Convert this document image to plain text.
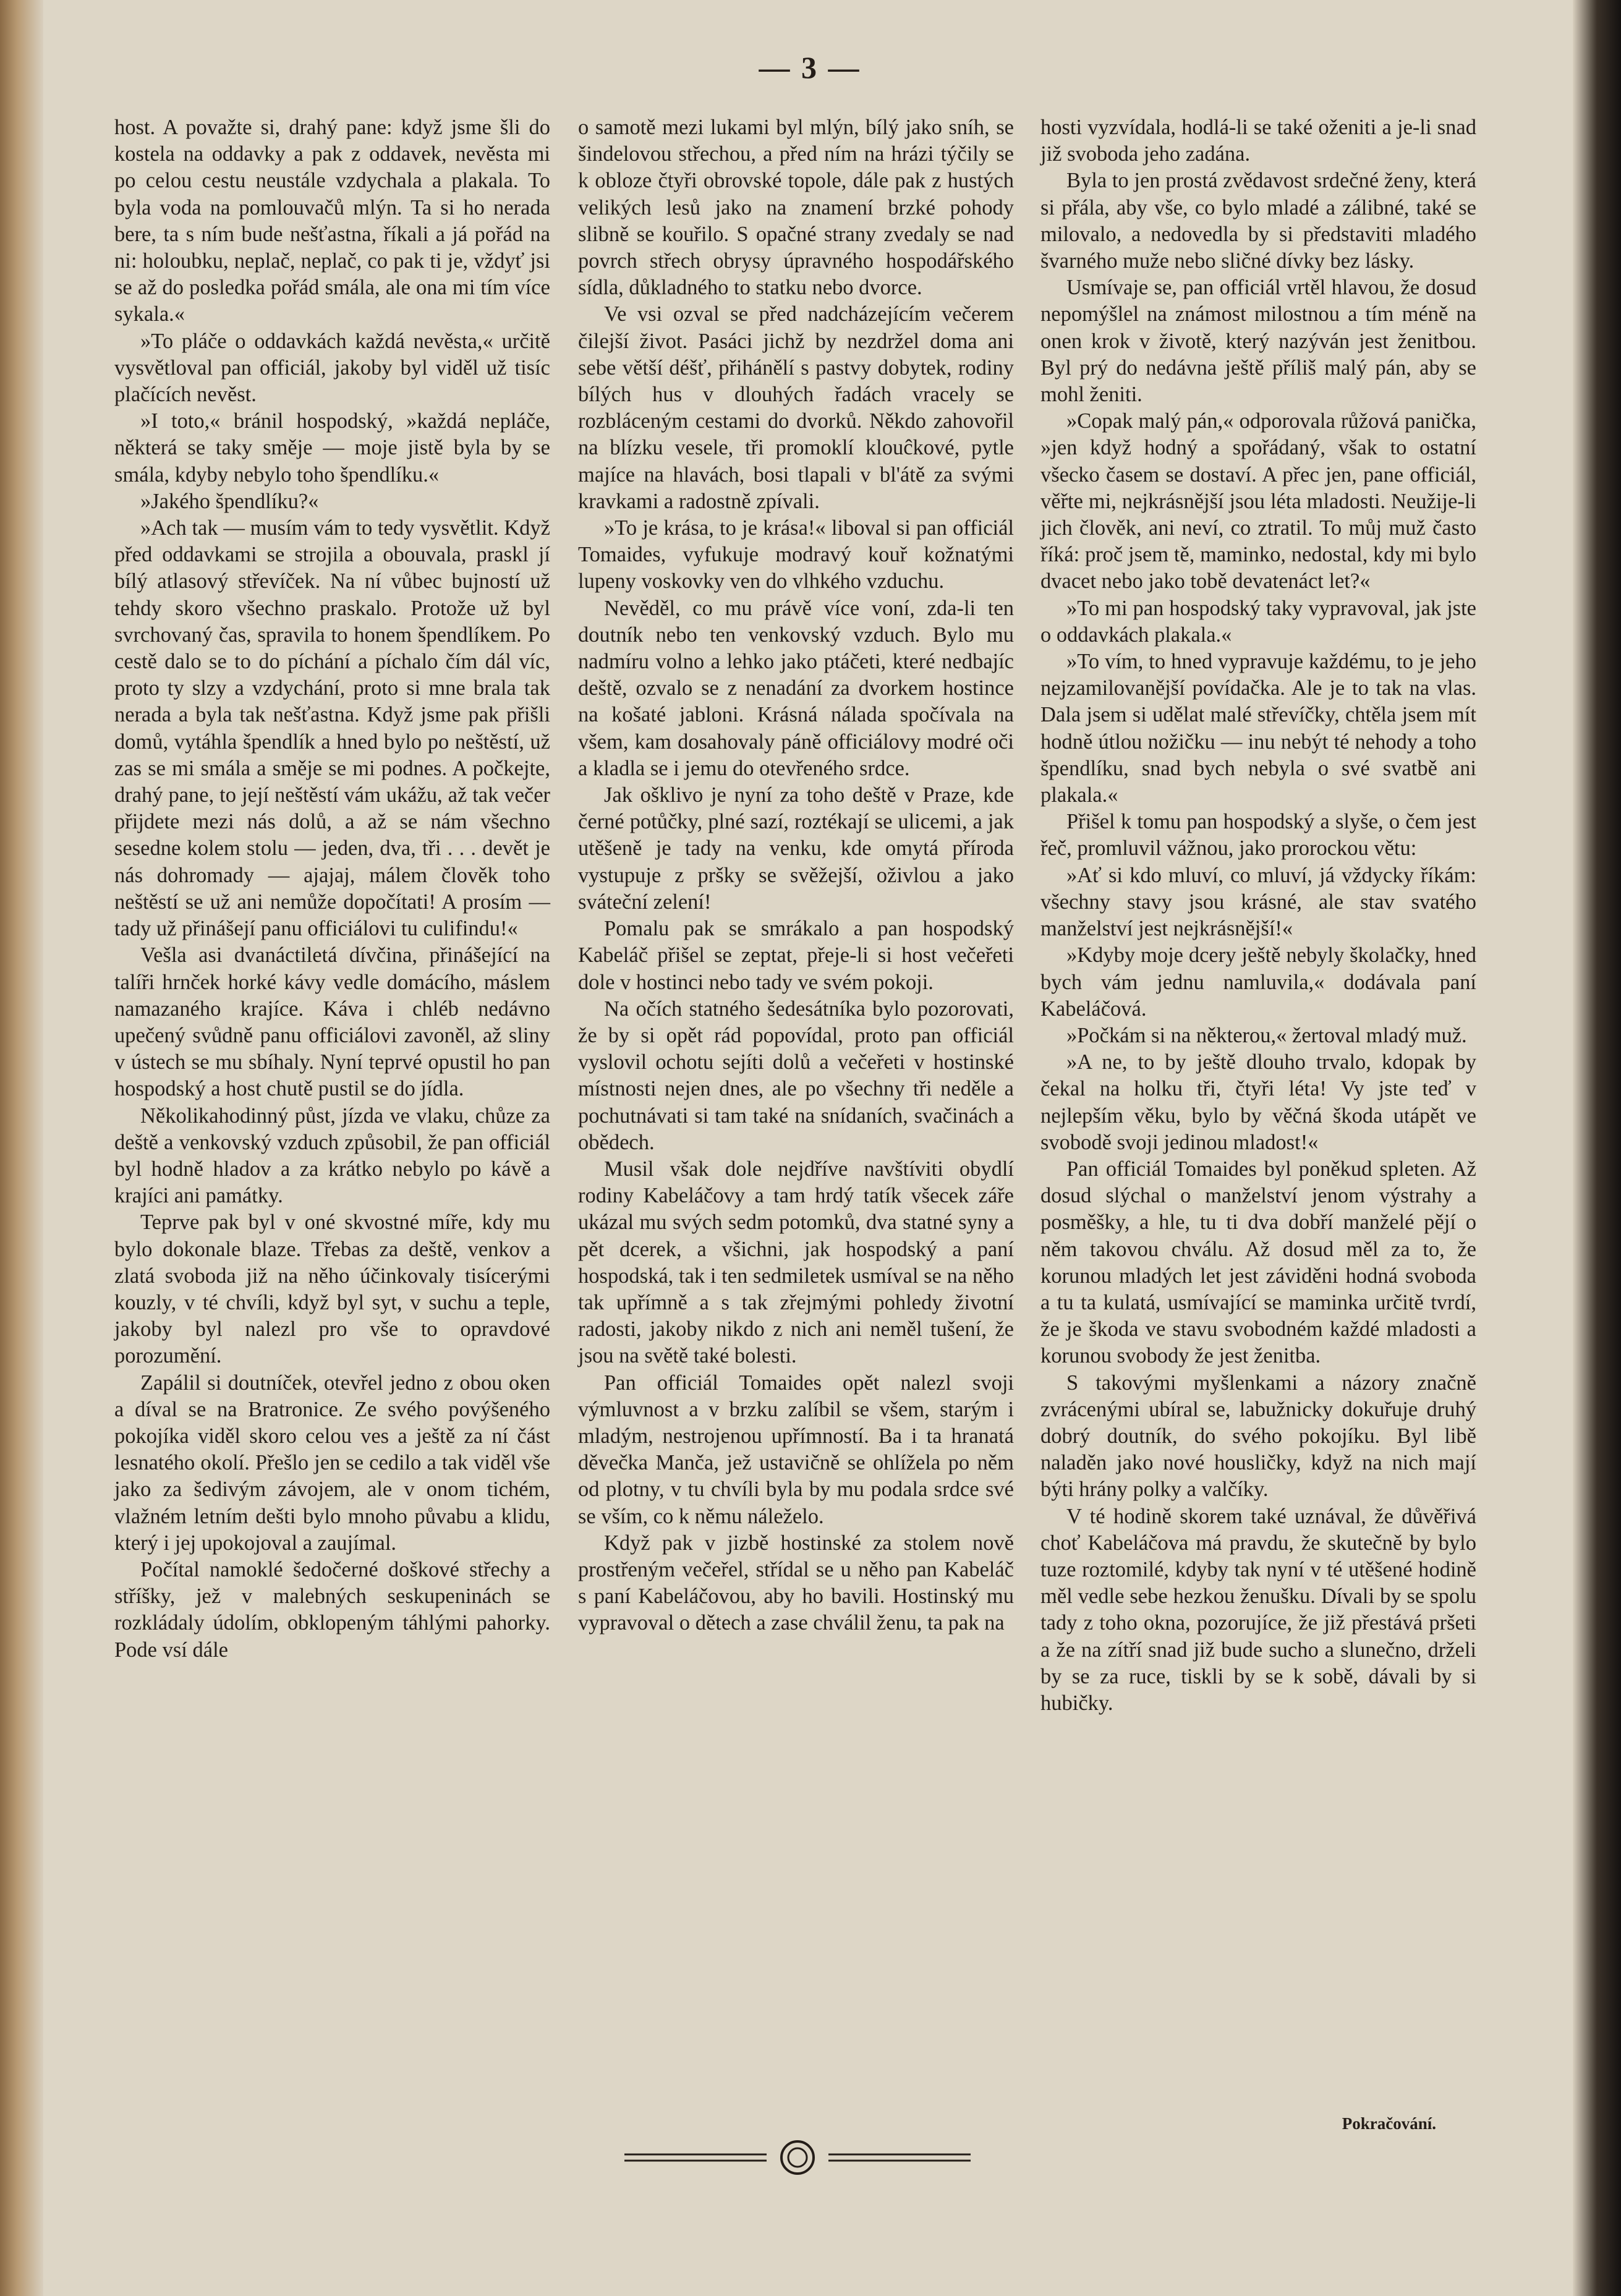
— 3 —

host. A považte si, drahý pane: když jsme šli do kostela na oddavky a pak z oddavek, nevěsta mi po celou cestu neustále vzdychala a plakala. To byla voda na pomlouvačů mlýn. Ta si ho nerada bere, ta s ním bude nešťastna, říkali a já pořád na ni: holoubku, neplač, neplač, co pak ti je, vždyť jsi se až do posledka pořád smála, ale ona mi tím více sykala.«

»To pláče o oddavkách každá nevěsta,« určitě vysvětloval pan officiál, jakoby byl viděl už tisíc plačících nevěst.

»I toto,« bránil hospodský, »každá nepláče, některá se taky směje — moje jistě byla by se smála, kdyby nebylo toho špendlíku.«

»Jakého špendlíku?«

»Ach tak — musím vám to tedy vysvětlit. Když před oddavkami se strojila a obouvala, praskl jí bílý atlasový střevíček. Na ní vůbec bujností už tehdy skoro všechno praskalo. Protože už byl svrchovaný čas, spravila to honem špendlíkem. Po cestě dalo se to do píchání a píchalo čím dál víc, proto ty slzy a vzdychání, proto si mne brala tak nerada a byla tak nešťastna. Když jsme pak přišli domů, vytáhla špendlík a hned bylo po neštěstí, už zas se mi smála a směje se mi podnes. A počkejte, drahý pane, to její neštěstí vám ukážu, až tak večer přijdete mezi nás dolů, a až se nám všechno sesedne kolem stolu — jeden, dva, tři . . . devět je nás dohromady — ajajaj, málem člověk toho neštěstí se už ani nemůže dopočítati! A prosím — tady už přinášejí panu officiálovi tu culifindu!«

Vešla asi dvanáctiletá dívčina, přinášející na talíři hrnček horké kávy vedle domácího, máslem namazaného krajíce. Káva i chléb nedávno upečený svůdně panu officiálovi zavoněl, až sliny v ústech se mu sbíhaly. Nyní teprvé opustil ho pan hospodský a host chutě pustil se do jídla.

Několikahodinný půst, jízda ve vlaku, chůze za deště a venkovský vzduch způsobil, že pan officiál byl hodně hladov a za krátko nebylo po kávě a krajíci ani památky.

Teprve pak byl v oné skvostné míře, kdy mu bylo dokonale blaze. Třebas za deště, venkov a zlatá svoboda již na něho účinkovaly tisícerými kouzly, v té chvíli, když byl syt, v suchu a teple, jakoby byl nalezl pro vše to opravdové porozumění.

Zapálil si doutníček, otevřel jedno z obou oken a díval se na Bratronice. Ze svého povýšeného pokojíka viděl skoro celou ves a ještě za ní část lesnatého okolí. Přešlo jen se cedilo a tak viděl vše jako za šedivým závojem, ale v onom tichém, vlažném letním dešti bylo mnoho půvabu a klidu, který i jej upokojoval a zaujímal.

Počítal namoklé šedočerné doškové střechy a stříšky, jež v malebných seskupeninách se rozkládaly údolím, obklopeným táhlými pahorky. Pode vsí dále

o samotě mezi lukami byl mlýn, bílý jako sníh, se šindelovou střechou, a před ním na hrázi týčily se k obloze čtyři obrovské topole, dále pak z hustých velikých lesů jako na znamení brzké pohody slibně se kouřilo. S opačné strany zvedaly se nad povrch střech obrysy úpravného hospodářského sídla, důkladného to statku nebo dvorce.

Ve vsi ozval se před nadcházejícím večerem čilejší život. Pasáci jichž by nezdržel doma ani sebe větší déšť, přihánělí s pastvy dobytek, rodiny bílých hus v dlouhých řadách vracely se rozbláceným cestami do dvorků. Někdo zahovořil na blízku vesele, tři promoklí klouĉkové, pytle majíce na hlavách, bosi tlapali v bl'átě za svými kravkami a radostně zpívali.

»To je krása, to je krása!« liboval si pan officiál Tomaides, vyfukuje modravý kouř kožnatými lupeny voskovky ven do vlhkého vzduchu.

Nevěděl, co mu právě více voní, zda-li ten doutník nebo ten venkovský vzduch. Bylo mu nadmíru volno a lehko jako ptáčeti, které nedbajíc deště, ozvalo se z nenadání za dvorkem hostince na košaté jabloni. Krásná nálada spočívala na všem, kam dosahovaly páně officiálovy modré oči a kladla se i jemu do otevřeného srdce.

Jak ošklivo je nyní za toho deště v Praze, kde černé potůčky, plné sazí, roztékají se ulicemi, a jak utěšeně je tady na venku, kde omytá příroda vystupuje z pršky se svěžejší, oživlou a jako sváteční zelení!

Pomalu pak se smrákalo a pan hospodský Kabeláč přišel se zeptat, přeje-li si host večeřeti dole v hostinci nebo tady ve svém pokoji.

Na očích statného šedesátníka bylo pozorovati, že by si opět rád popovídal, proto pan officiál vyslovil ochotu sejíti dolů a večeřeti v hostinské místnosti nejen dnes, ale po všechny tři neděle a pochutnávati si tam také na snídaních, svačinách a obědech.

Musil však dole nejdříve navštíviti obydlí rodiny Kabeláčovy a tam hrdý tatík všecek záře ukázal mu svých sedm potomků, dva statné syny a pět dcerek, a všichni, jak hospodský a paní hospodská, tak i ten sedmiletek usmíval se na něho tak upřímně a s tak zřejmými pohledy životní radosti, jakoby nikdo z nich ani neměl tušení, že jsou na světě také bolesti.

Pan officiál Tomaides opět nalezl svoji výmluvnost a v brzku zalíbil se všem, starým i mladým, nestrojenou upřímností. Ba i ta hranatá děvečka Manča, jež ustavičně se ohlížela po něm od plotny, v tu chvíli byla by mu podala srdce své se vším, co k němu náleželo.

Když pak v jizbě hostinské za stolem nově prostřeným večeřel, střídal se u něho pan Kabeláč s paní Kabeláčovou, aby ho bavili. Hostinský mu vypravoval o dětech a zase chválil ženu, ta pak na

hosti vyzvídala, hodlá-li se také oženiti a je-li snad již svoboda jeho zadána.

Byla to jen prostá zvědavost srdečné ženy, která si přála, aby vše, co bylo mladé a zálibné, také se milovalo, a nedovedla by si představiti mladého švarného muže nebo sličné dívky bez lásky.

Usmívaje se, pan officiál vrtěl hlavou, že dosud nepomýšlel na známost milostnou a tím méně na onen krok v životě, který nazýván jest ženitbou. Byl prý do nedávna ještě příliš malý pán, aby se mohl ženiti.

»Copak malý pán,« odporovala růžová panička, »jen když hodný a spořádaný, však to ostatní všecko časem se dostaví. A přec jen, pane officiál, věřte mi, nejkrásnější jsou léta mladosti. Neužije-li jich člověk, ani neví, co ztratil. To můj muž často říká: proč jsem tě, maminko, nedostal, kdy mi bylo dvacet nebo jako tobě devatenáct let?«

»To mi pan hospodský taky vypravoval, jak jste o oddavkách plakala.«

»To vím, to hned vypravuje každému, to je jeho nejzamilovanější povídačka. Ale je to tak na vlas. Dala jsem si udělat malé střevíčky, chtěla jsem mít hodně útlou nožičku — inu nebýt té nehody a toho špendlíku, snad bych nebyla o své svatbě ani plakala.«

Přišel k tomu pan hospodský a slyše, o čem jest řeč, promluvil vážnou, jako prorockou větu:

»Ať si kdo mluví, co mluví, já vždycky říkám: všechny stavy jsou krásné, ale stav svatého manželství jest nejkrásnější!«

»Kdyby moje dcery ještě nebyly školačky, hned bych vám jednu namluvila,« dodávala paní Kabeláčová.

»Počkám si na některou,« žertoval mladý muž.

»A ne, to by ještě dlouho trvalo, kdopak by čekal na holku tři, čtyři léta! Vy jste teď v nejlepším věku, bylo by věčná škoda utápět ve svobodě svoji jedinou mladost!«

Pan officiál Tomaides byl poněkud spleten. Až dosud slýchal o manželství jenom výstrahy a posměšky, a hle, tu ti dva dobří manželé pějí o něm takovou chválu. Až dosud měl za to, že korunou mladých let jest záviděni hodná svoboda a tu ta kulatá, usmívající se maminka určitě tvrdí, že je škoda ve stavu svobodném každé mladosti a korunou svobody že jest ženitba.

S takovými myšlenkami a názory značně zvrácenými ubíral se, labužnicky dokuřuje druhý dobrý doutník, do svého pokojíku. Byl libě naladěn jako nové housličky, když na nich mají býti hrány polky a valčíky.

V té hodině skorem také uznával, že důvěřivá choť Kabeláčova má pravdu, že skutečně by bylo tuze roztomilé, kdyby tak nyní v té utěšené hodině měl vedle sebe hezkou ženušku. Dívali by se spolu tady z toho okna, pozorujíce, že již přestává pršeti a že na zítří snad již bude sucho a slunečno, drželi by se za ruce, tiskli by se k sobě, dávali by si hubičky.

Pokračování.
